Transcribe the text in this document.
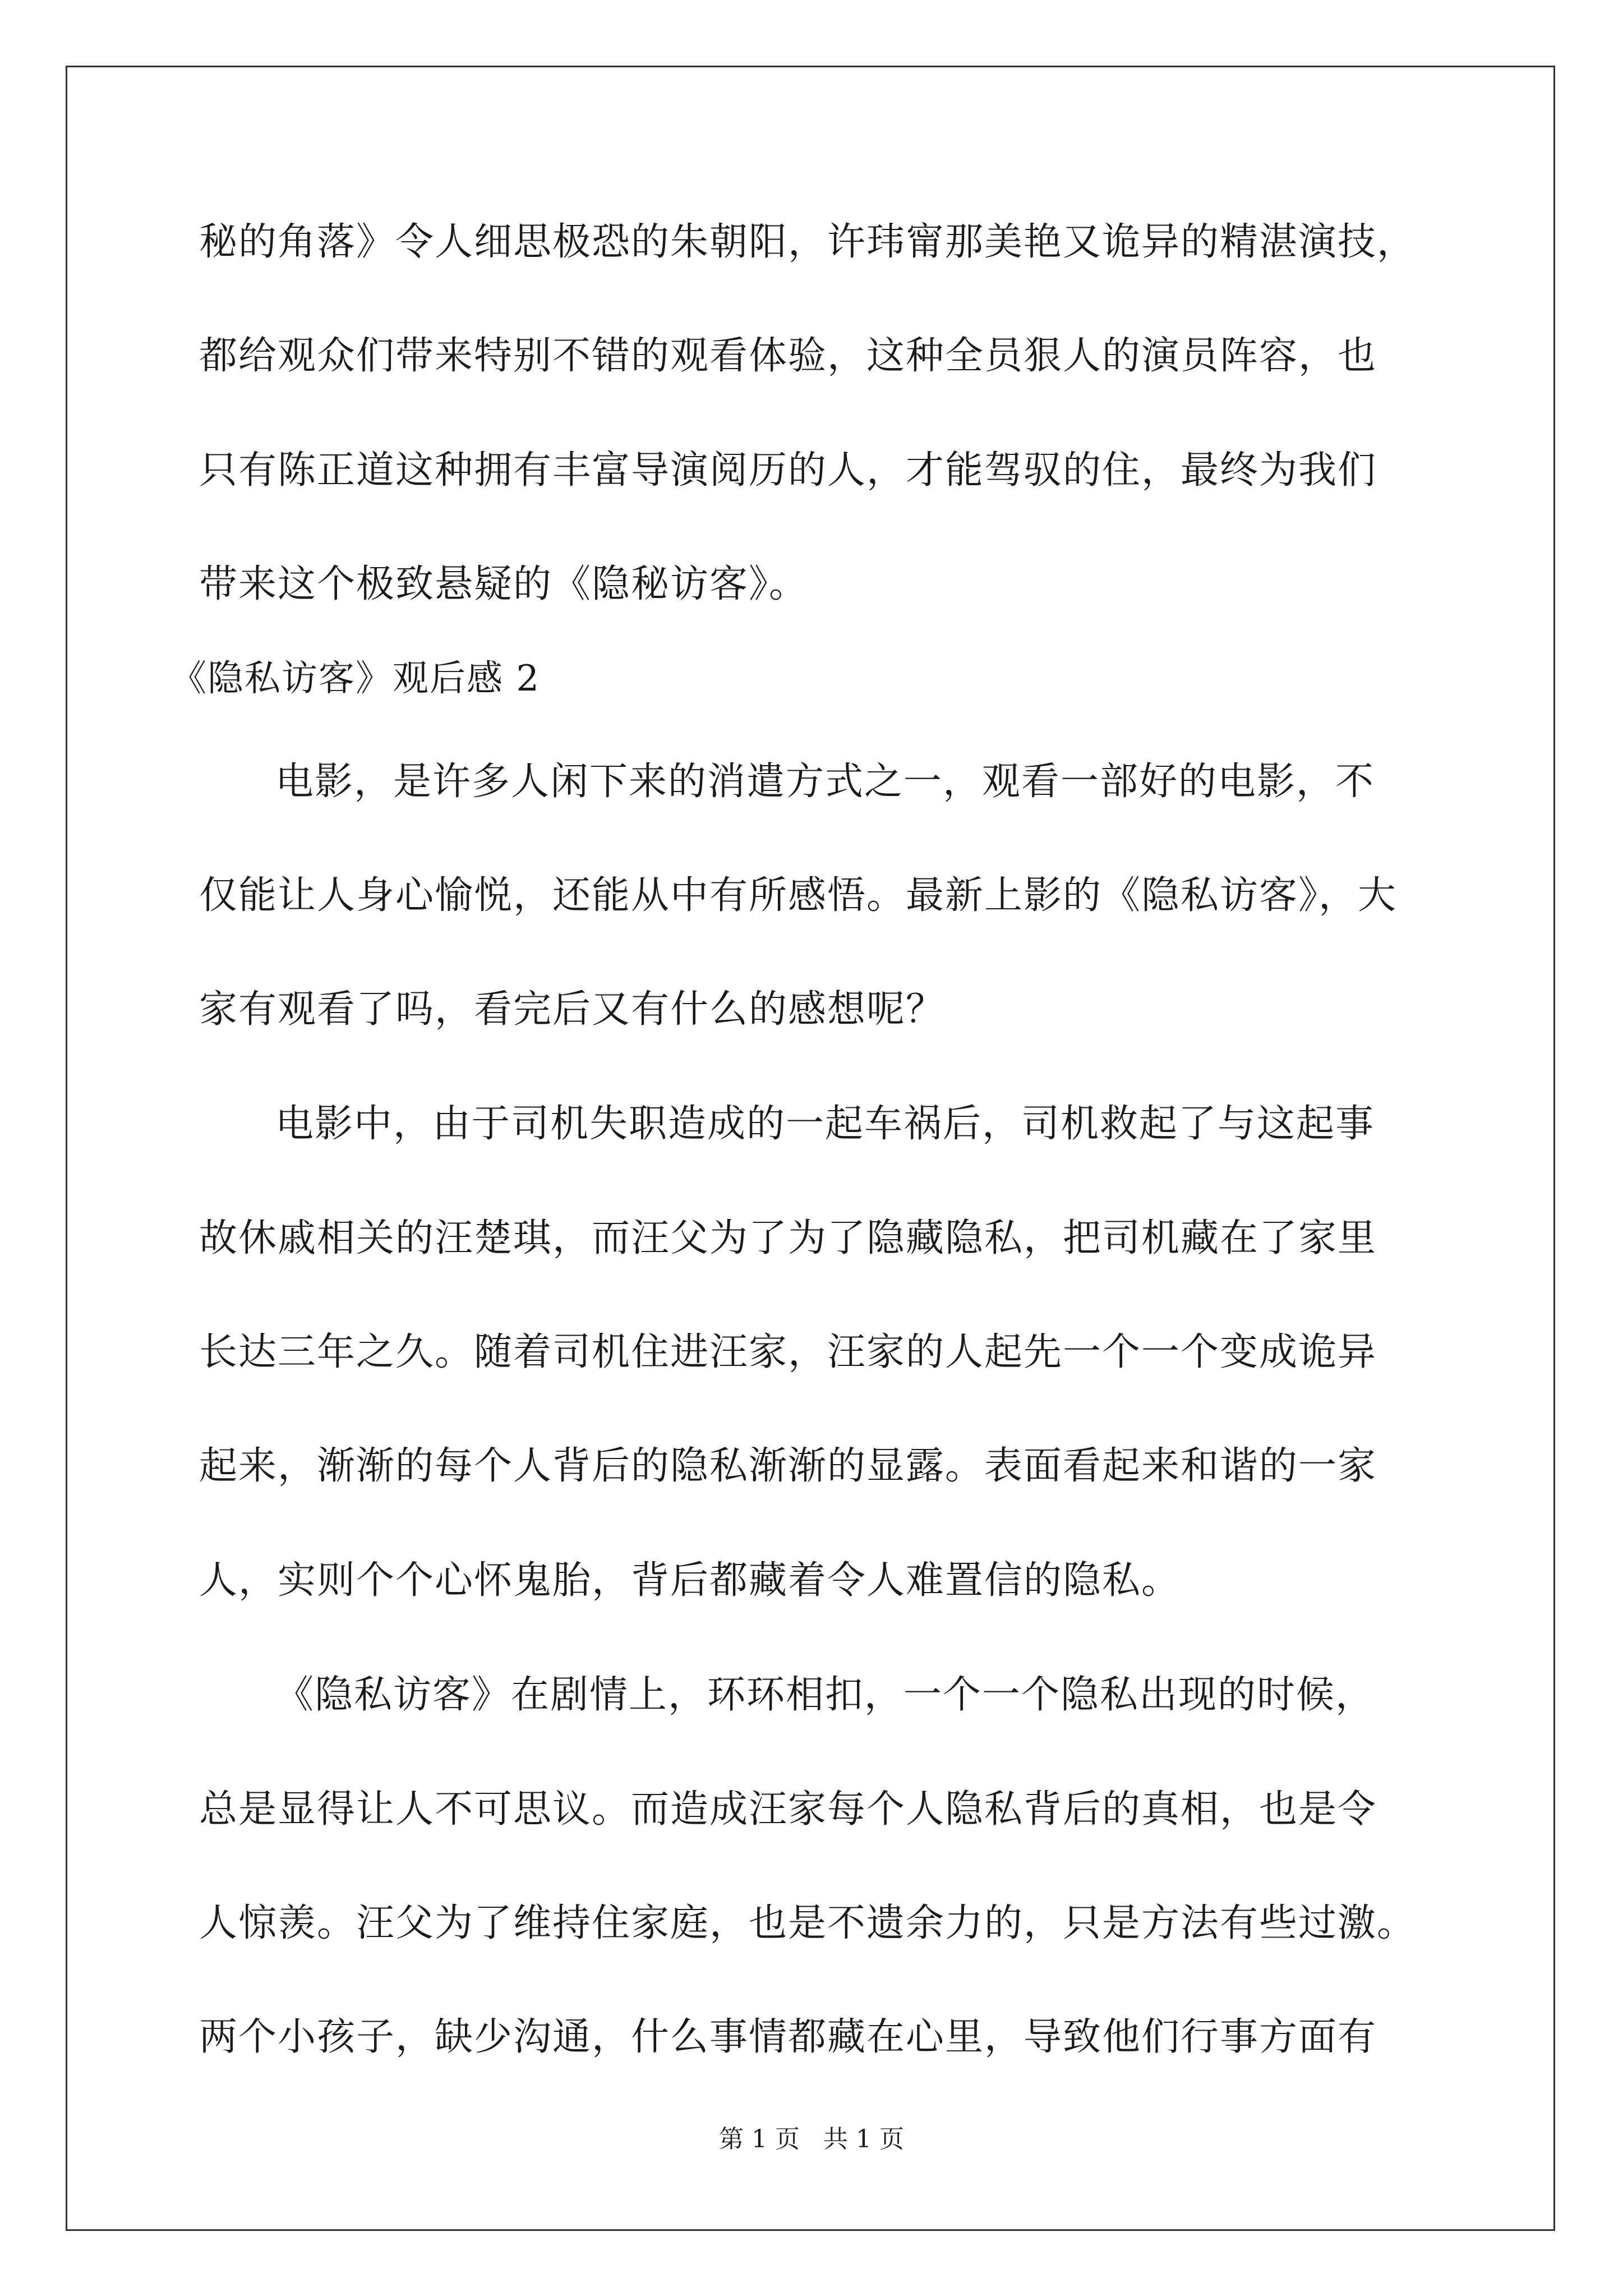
秘的角落》令人细思极恐的朱朝阳，许玮甯那美艳又诡异的精湛演技，
都给观众们带来特别不错的观看体验，这种全员狠人的演员阵容，也
只有陈正道这种拥有丰富导演阅历的人，才能驾驭的住，最终为我们
带来这个极致悬疑的《隐秘访客》。
《隐私访客》观后感 2
电影，是许多人闲下来的消遣方式之一，观看一部好的电影，不
仅能让人身心愉悦，还能从中有所感悟。最新上影的《隐私访客》，大
家有观看了吗，看完后又有什么的感想呢？
电影中，由于司机失职造成的一起车祸后，司机救起了与这起事
故休戚相关的汪楚琪，而汪父为了为了隐藏隐私，把司机藏在了家里
长达三年之久。随着司机住进汪家，汪家的人起先一个一个变成诡异
起来，渐渐的每个人背后的隐私渐渐的显露。表面看起来和谐的一家
人，实则个个心怀鬼胎，背后都藏着令人难置信的隐私。
《隐私访客》在剧情上，环环相扣，一个一个隐私出现的时候，
总是显得让人不可思议。而造成汪家每个人隐私背后的真相，也是令
人惊羡。汪父为了维持住家庭，也是不遗余力的，只是方法有些过激。
两个小孩子，缺少沟通，什么事情都藏在心里，导致他们行事方面有
第 1 页   共 1 页
